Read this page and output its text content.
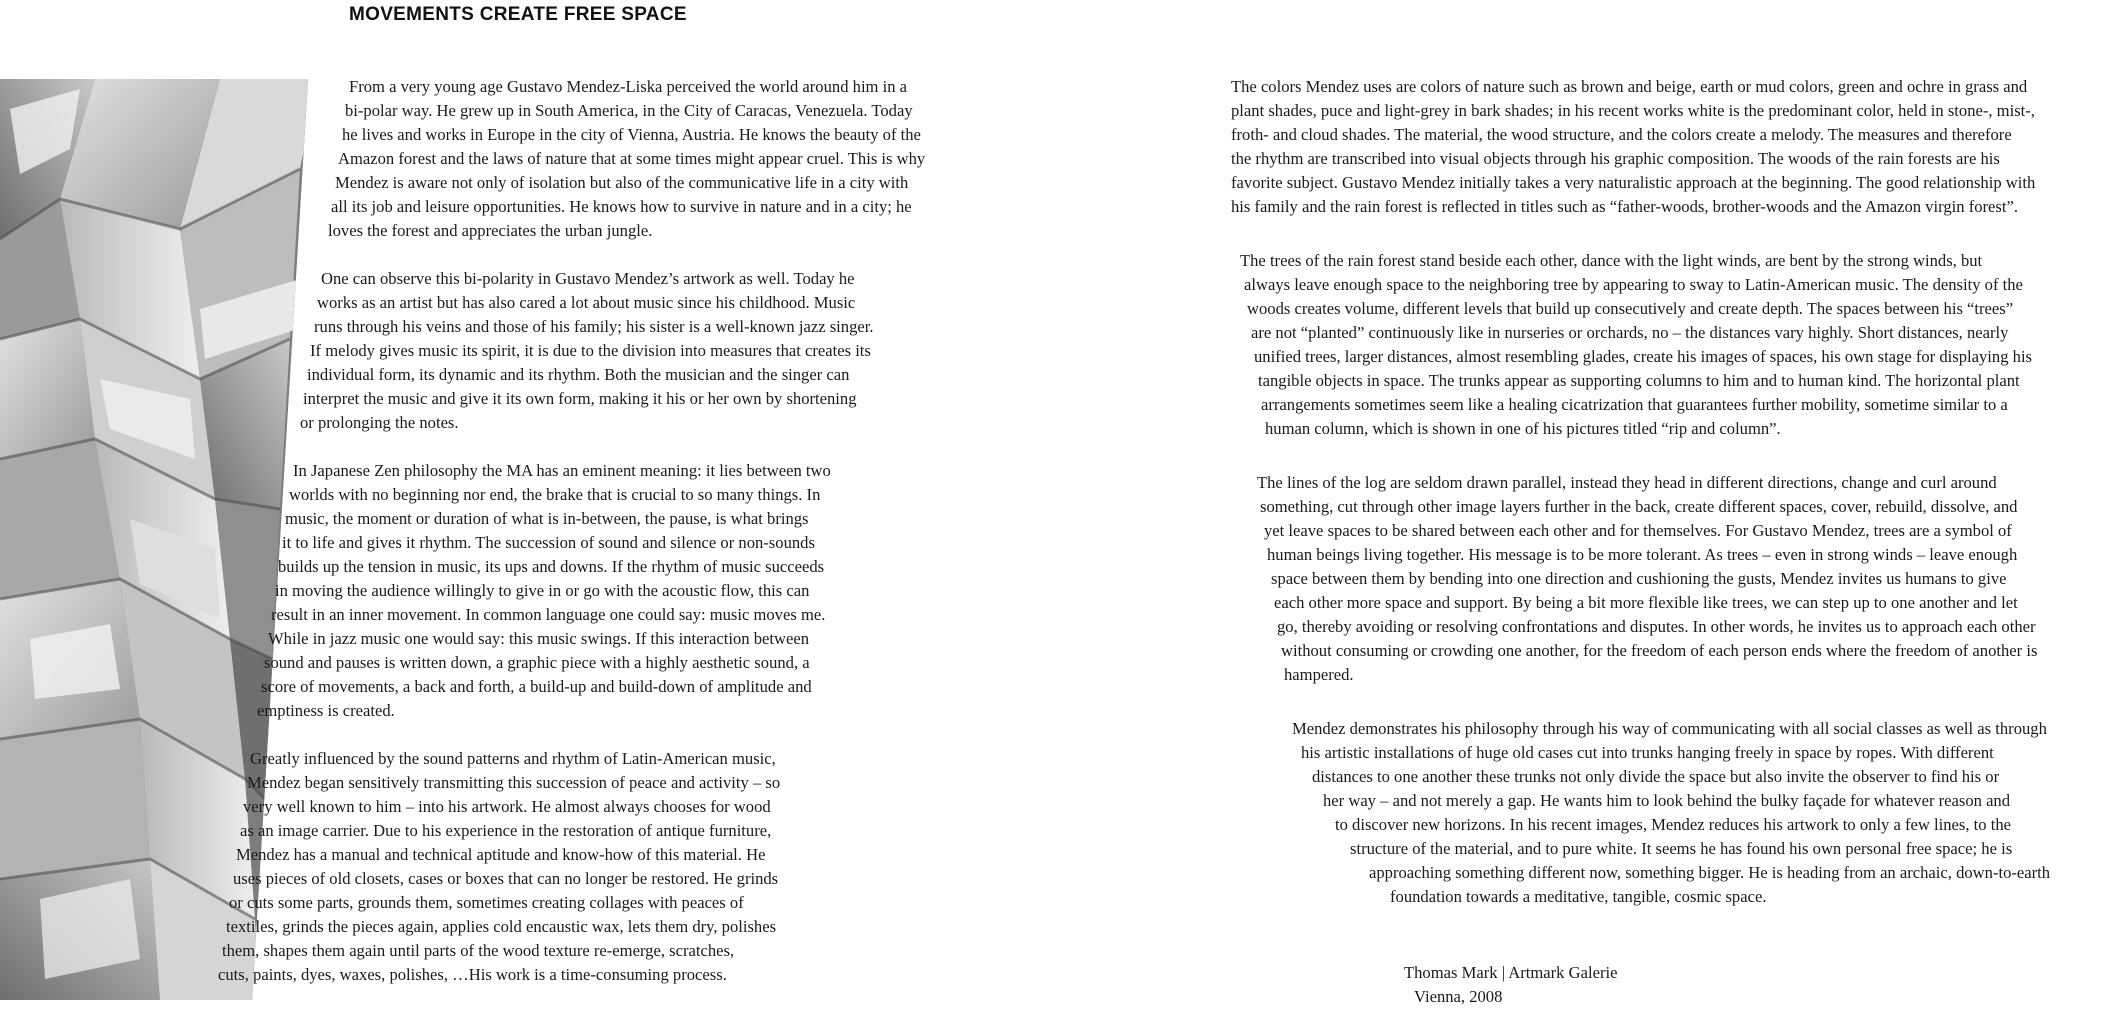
MOVEMENTS CREATE FREE SPACE
From a very young age Gustavo Mendez-Liska perceived the world around him in a
bi-polar way. He grew up in South America, in the City of Caracas, Venezuela. Today
he lives and works in Europe in the city of Vienna, Austria. He knows the beauty of the
Amazon forest and the laws of nature that at some times might appear cruel. This is why
Mendez is aware not only of isolation but also of the communicative life in a city with
all its job and leisure opportunities. He knows how to survive in nature and in a city; he
loves the forest and appreciates the urban jungle.
One can observe this bi-polarity in Gustavo Mendez’s artwork as well. Today he
works as an artist but has also cared a lot about music since his childhood. Music
runs through his veins and those of his family; his sister is a well-known jazz singer.
If melody gives music its spirit, it is due to the division into measures that creates its
individual form, its dynamic and its rhythm. Both the musician and the singer can
interpret the music and give it its own form, making it his or her own by shortening
or prolonging the notes.
In Japanese Zen philosophy the MA has an eminent meaning: it lies between two
worlds with no beginning nor end, the brake that is crucial to so many things. In
music, the moment or duration of what is in-between, the pause, is what brings
it to life and gives it rhythm. The succession of sound and silence or non-sounds
builds up the tension in music, its ups and downs. If the rhythm of music succeeds
in moving the audience willingly to give in or go with the acoustic flow, this can
result in an inner movement. In common language one could say: music moves me.
While in jazz music one would say: this music swings. If this interaction between
sound and pauses is written down, a graphic piece with a highly aesthetic sound, a
score of movements, a back and forth, a build-up and build-down of amplitude and
emptiness is created.
Greatly influenced by the sound patterns and rhythm of Latin-American music,
Mendez began sensitively transmitting this succession of peace and activity – so
very well known to him – into his artwork. He almost always chooses for wood
as an image carrier. Due to his experience in the restoration of antique furniture,
Mendez has a manual and technical aptitude and know-how of this material. He
uses pieces of old closets, cases or boxes that can no longer be restored. He grinds
or cuts some parts, grounds them, sometimes creating collages with peaces of
textiles, grinds the pieces again, applies cold encaustic wax, lets them dry, polishes
them, shapes them again until parts of the wood texture re-emerge, scratches,
cuts, paints, dyes, waxes, polishes, …His work is a time-consuming process.
The colors Mendez uses are colors of nature such as brown and beige, earth or mud colors, green and ochre in grass and
plant shades, puce and light-grey in bark shades; in his recent works white is the predominant color, held in stone-, mist-,
froth- and cloud shades. The material, the wood structure, and the colors create a melody. The measures and therefore
the rhythm are transcribed into visual objects through his graphic composition. The woods of the rain forests are his
favorite subject. Gustavo Mendez initially takes a very naturalistic approach at the beginning. The good relationship with
his family and the rain forest is reflected in titles such as “father-woods, brother-woods and the Amazon virgin forest”.
The trees of the rain forest stand beside each other, dance with the light winds, are bent by the strong winds, but
always leave enough space to the neighboring tree by appearing to sway to Latin-American music. The density of the
woods creates volume, different levels that build up consecutively and create depth. The spaces between his “trees”
are not “planted” continuously like in nurseries or orchards, no – the distances vary highly. Short distances, nearly
unified trees, larger distances, almost resembling glades, create his images of spaces, his own stage for displaying his
tangible objects in space. The trunks appear as supporting columns to him and to human kind. The horizontal plant
arrangements sometimes seem like a healing cicatrization that guarantees further mobility, sometime similar to a
human column, which is shown in one of his pictures titled “rip and column”.
The lines of the log are seldom drawn parallel, instead they head in different directions, change and curl around
something, cut through other image layers further in the back, create different spaces, cover, rebuild, dissolve, and
yet leave spaces to be shared between each other and for themselves. For Gustavo Mendez, trees are a symbol of
human beings living together. His message is to be more tolerant. As trees – even in strong winds – leave enough
space between them by bending into one direction and cushioning the gusts, Mendez invites us humans to give
each other more space and support. By being a bit more flexible like trees, we can step up to one another and let
go, thereby avoiding or resolving confrontations and disputes. In other words, he invites us to approach each other
without consuming or crowding one another, for the freedom of each person ends where the freedom of another is
hampered.
Mendez demonstrates his philosophy through his way of communicating with all social classes as well as through
his artistic installations of huge old cases cut into trunks hanging freely in space by ropes. With different
distances to one another these trunks not only divide the space but also invite the observer to find his or
her way – and not merely a gap. He wants him to look behind the bulky façade for whatever reason and
to discover new horizons. In his recent images, Mendez reduces his artwork to only a few lines, to the
structure of the material, and to pure white. It seems he has found his own personal free space; he is
approaching something different now, something bigger. He is heading from an archaic, down-to-earth
foundation towards a meditative, tangible, cosmic space.
Thomas Mark | Artmark Galerie
Vienna, 2008
